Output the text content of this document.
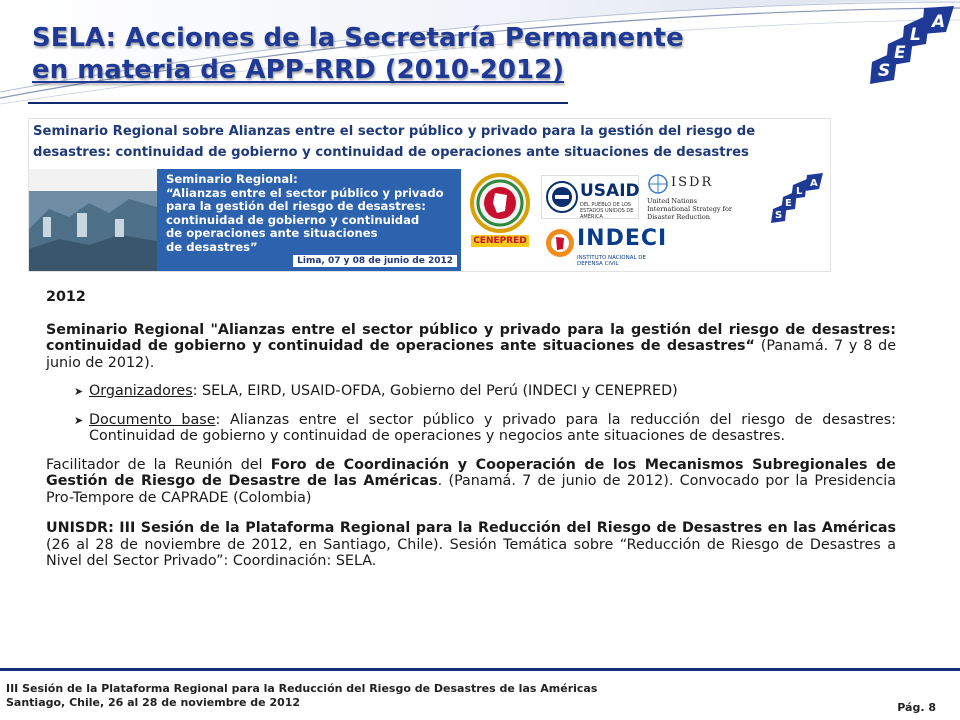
SELA: Acciones de la Secretaría Permanente
en materia de APP-RRD (2010-2012)	S
E
L
A
Seminario Regional sobre Alianzas entre el sector público y privado para la gestión del riesgo de desastres: continuidad de gobierno y continuidad de operaciones ante situaciones de desastres
Seminario Regional:
“Alianzas entre el sector público y privado
para la gestión del riesgo de desastres:
continuidad de gobierno y continuidad
de operaciones ante situaciones
de desastres”
Lima, 07 y 08 de junio de 2012
CENEPRED
USAID
DEL PUEBLO DE LOS ESTADOS UNIDOS DE AMÉRICA
ISDR
United Nations
International Strategy for Disaster Reduction	S
E
L
A
INDECI
INSTITUTO NACIONAL DE DEFENSA CIVIL

2012

Seminario Regional "Alianzas entre el sector público y privado para la gestión del riesgo de desastres: continuidad de gobierno y continuidad de operaciones ante situaciones de desastres“ (Panamá. 7 y 8 de junio de 2012).

➤ Organizadores: SELA, EIRD, USAID-OFDA, Gobierno del Perú (INDECI y CENEPRED)
➤ Documento base: Alianzas entre el sector público y privado para la reducción del riesgo de desastres: Continuidad de gobierno y continuidad de operaciones y negocios ante situaciones de desastres.

Facilitador de la Reunión del Foro de Coordinación y Cooperación de los Mecanismos Subregionales de Gestión de Riesgo de Desastre de las Américas. (Panamá. 7 de junio de 2012). Convocado por la Presidencia Pro-Tempore de CAPRADE (Colombia)

UNISDR: III Sesión de la Plataforma Regional para la Reducción del Riesgo de Desastres en las Américas (26 al 28 de noviembre de 2012, en Santiago, Chile). Sesión Temática sobre “Reducción de Riesgo de Desastres a Nivel del Sector Privado”: Coordinación: SELA.

III Sesión de la Plataforma Regional para la Reducción del Riesgo de Desastres de las Américas
Santiago, Chile, 26 al 28 de noviembre de 2012	Pág. 8
